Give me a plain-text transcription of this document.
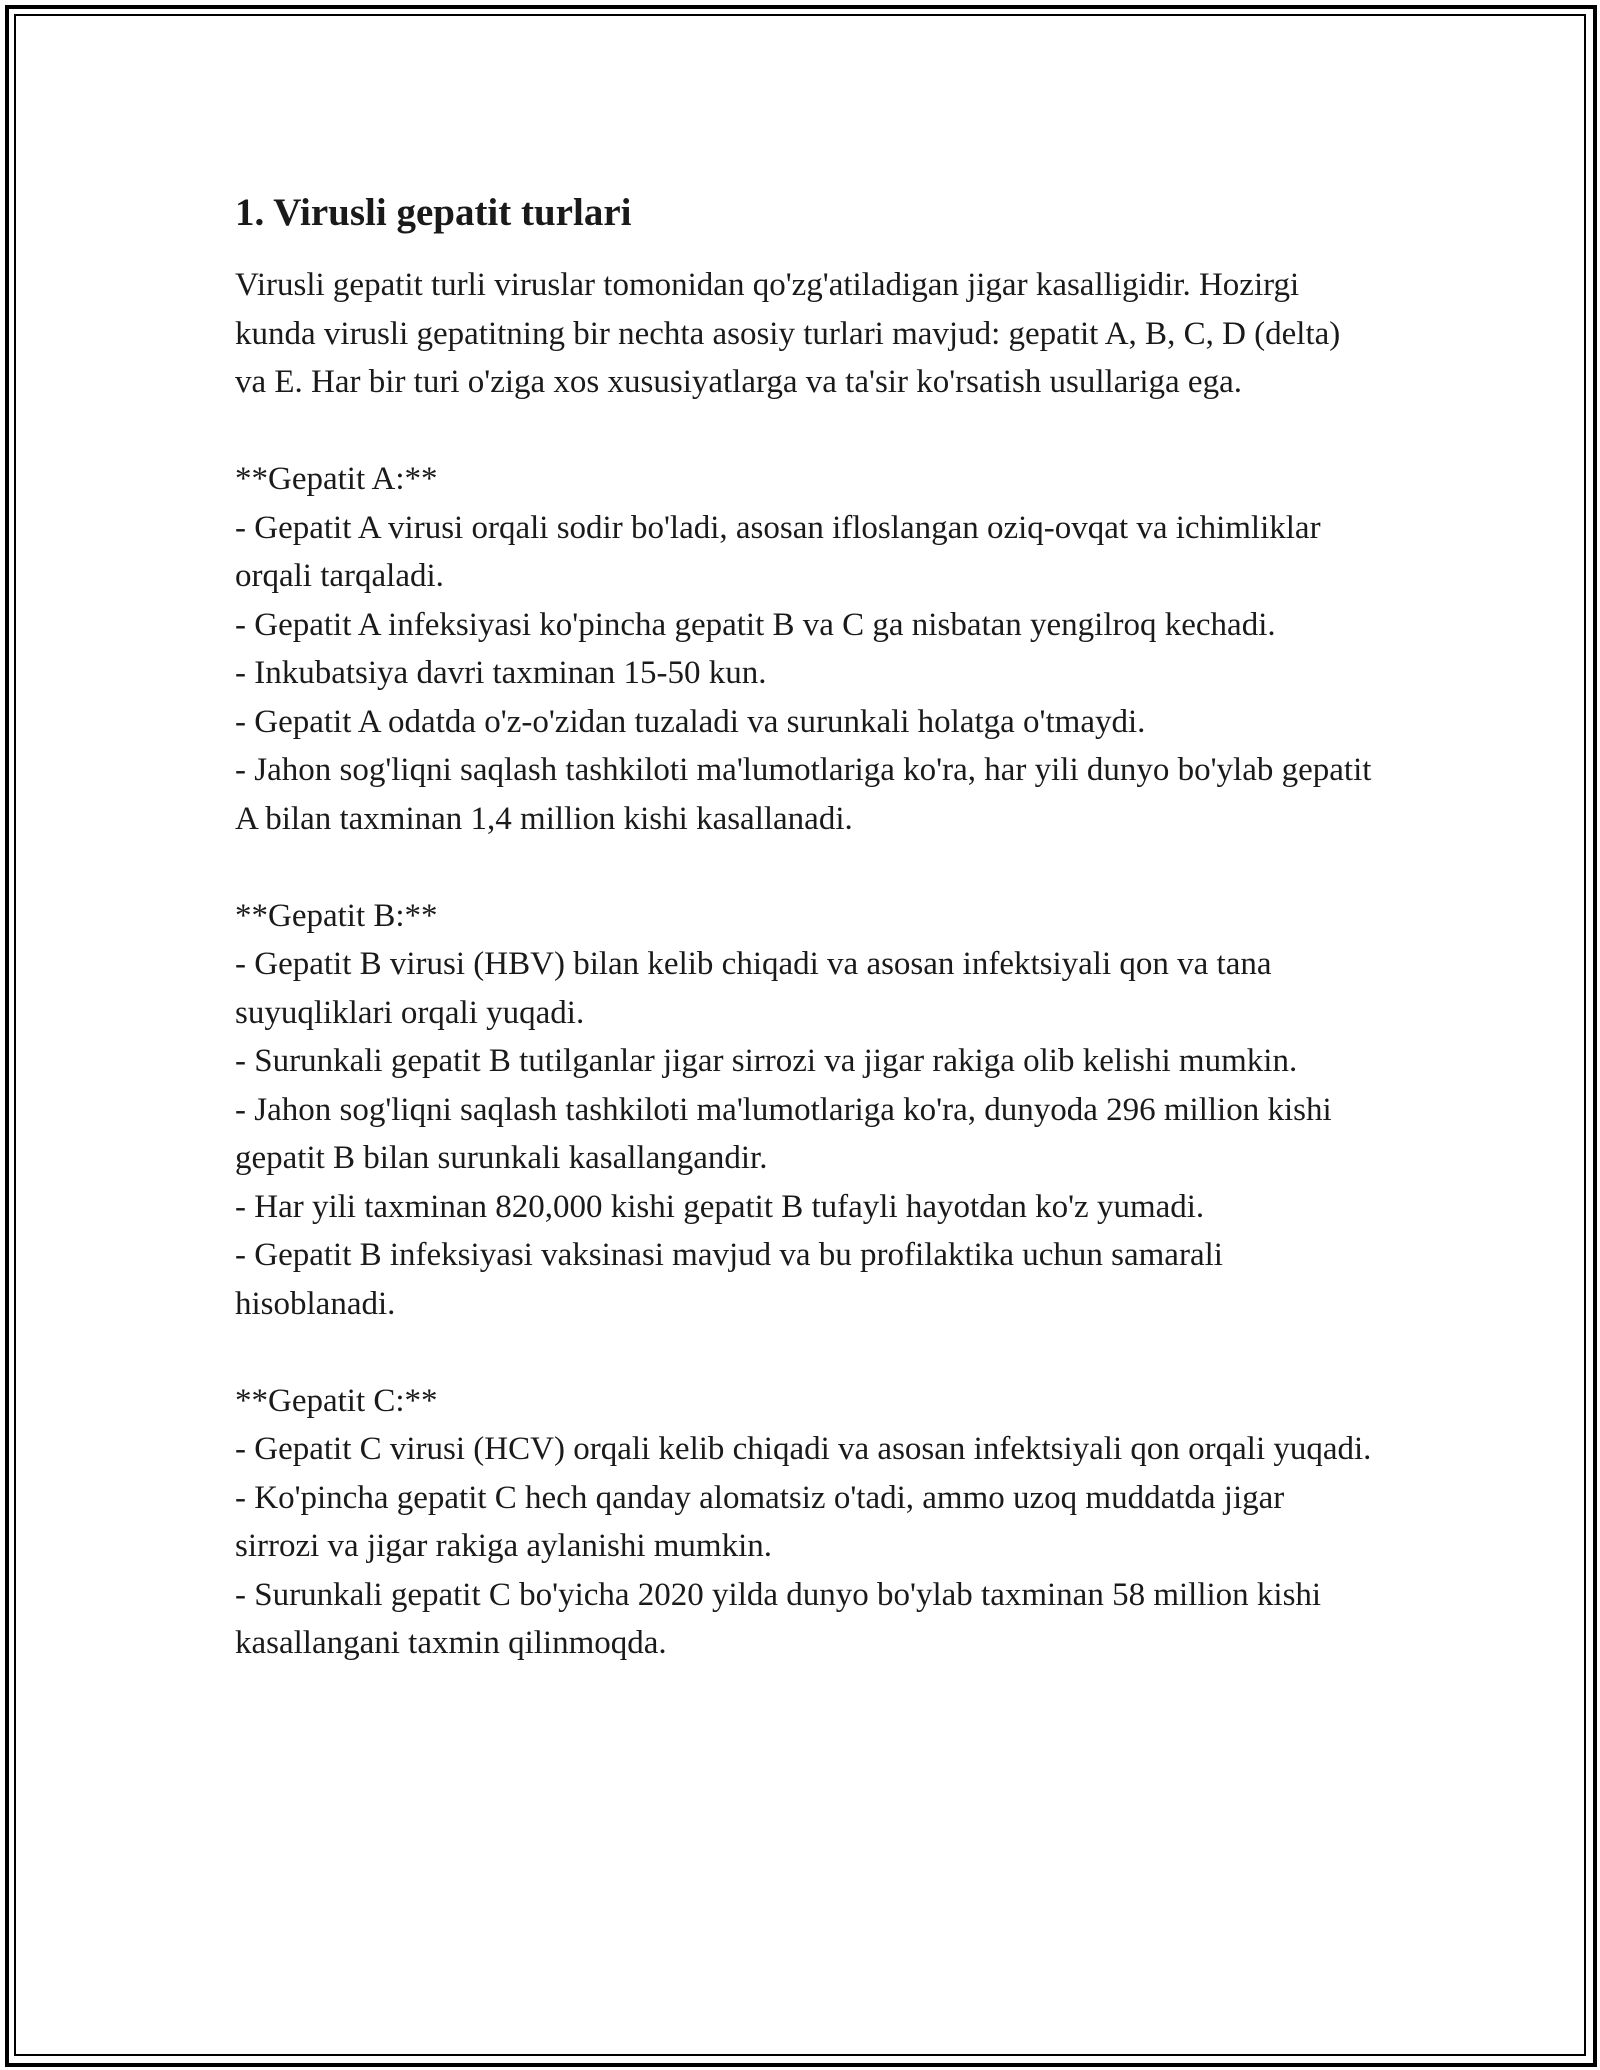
1. Virusli gepatit turlari

Virusli gepatit turli viruslar tomonidan qo'zg'atiladigan jigar kasalligidir. Hozirgi kunda virusli gepatitning bir nechta asosiy turlari mavjud: gepatit A, B, C, D (delta) va E. Har bir turi o'ziga xos xususiyatlarga va ta'sir ko'rsatish usullariga ega.

**Gepatit A:**

- Gepatit A virusi orqali sodir bo'ladi, asosan ifloslangan oziq-ovqat va ichimliklar orqali tarqaladi.

- Gepatit A infeksiyasi ko'pincha gepatit B va C ga nisbatan yengilroq kechadi.

- Inkubatsiya davri taxminan 15-50 kun.

- Gepatit A odatda o'z-o'zidan tuzaladi va surunkali holatga o'tmaydi.

- Jahon sog'liqni saqlash tashkiloti ma'lumotlariga ko'ra, har yili dunyo bo'ylab gepatit A bilan taxminan 1,4 million kishi kasallanadi.

**Gepatit B:**

- Gepatit B virusi (HBV) bilan kelib chiqadi va asosan infektsiyali qon va tana suyuqliklari orqali yuqadi.

- Surunkali gepatit B tutilganlar jigar sirrozi va jigar rakiga olib kelishi mumkin.

- Jahon sog'liqni saqlash tashkiloti ma'lumotlariga ko'ra, dunyoda 296 million kishi gepatit B bilan surunkali kasallangandir.

- Har yili taxminan 820,000 kishi gepatit B tufayli hayotdan ko'z yumadi.

- Gepatit B infeksiyasi vaksinasi mavjud va bu profilaktika uchun samarali hisoblanadi.

**Gepatit C:**

- Gepatit C virusi (HCV) orqali kelib chiqadi va asosan infektsiyali qon orqali yuqadi.

- Ko'pincha gepatit C hech qanday alomatsiz o'tadi, ammo uzoq muddatda jigar sirrozi va jigar rakiga aylanishi mumkin.

- Surunkali gepatit C bo'yicha 2020 yilda dunyo bo'ylab taxminan 58 million kishi kasallangani taxmin qilinmoqda.
